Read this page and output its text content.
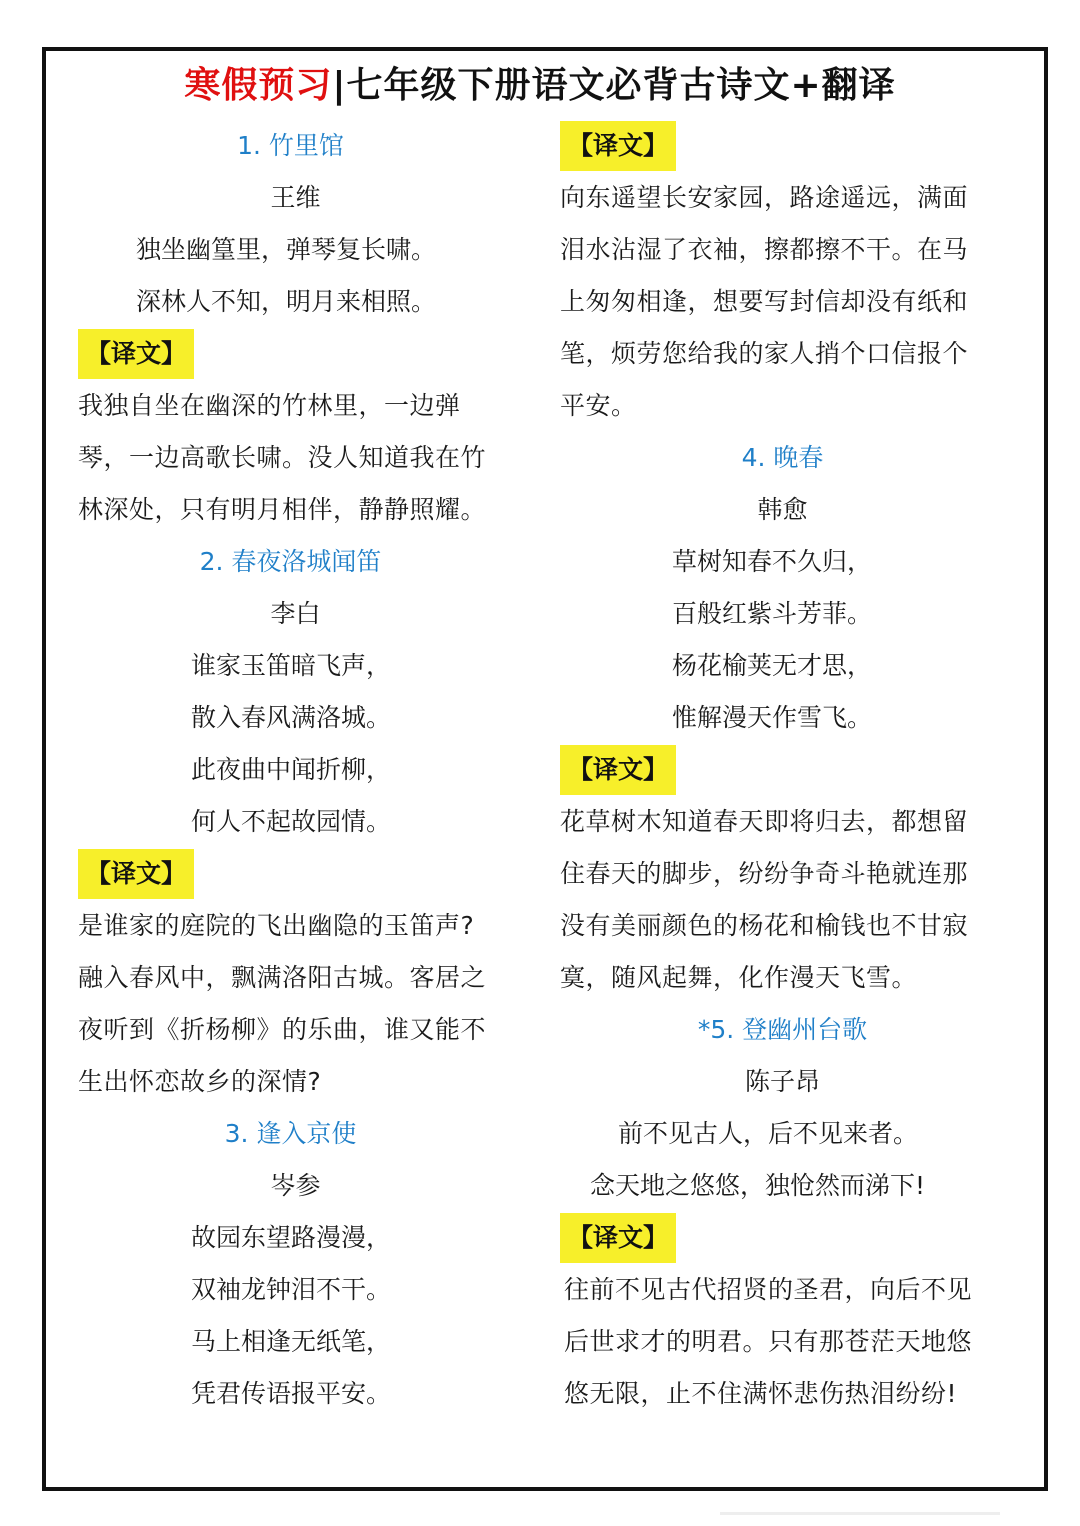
寒假预习|七年级下册语文必背古诗文+翻译
1. 竹里馆
王维
独坐幽篁里，弹琴复长啸。
深林人不知，明月来相照。
【译文】
我独自坐在幽深的竹林里，一边弹
琴，一边高歌长啸。没人知道我在竹
林深处，只有明月相伴，静静照耀。
2. 春夜洛城闻笛
李白
谁家玉笛暗飞声，
散入春风满洛城。
此夜曲中闻折柳，
何人不起故园情。
【译文】
是谁家的庭院的飞出幽隐的玉笛声?
融入春风中，飘满洛阳古城。客居之
夜听到《折杨柳》的乐曲，谁又能不
生出怀恋故乡的深情?
3. 逢入京使
岑参
故园东望路漫漫，
双袖龙钟泪不干。
马上相逢无纸笔，
凭君传语报平安。
【译文】
向东遥望长安家园，路途遥远，满面
泪水沾湿了衣袖，擦都擦不干。在马
上匆匆相逢，想要写封信却没有纸和
笔，烦劳您给我的家人捎个口信报个
平安。
4. 晚春
韩愈
草树知春不久归，
百般红紫斗芳菲。
杨花榆荚无才思，
惟解漫天作雪飞。
【译文】
花草树木知道春天即将归去，都想留
住春天的脚步，纷纷争奇斗艳就连那
没有美丽颜色的杨花和榆钱也不甘寂
寞，随风起舞，化作漫天飞雪。
*5. 登幽州台歌
陈子昂
前不见古人，后不见来者。
念天地之悠悠，独怆然而涕下!
【译文】
往前不见古代招贤的圣君，向后不见
后世求才的明君。只有那苍茫天地悠
悠无限，止不住满怀悲伤热泪纷纷!
